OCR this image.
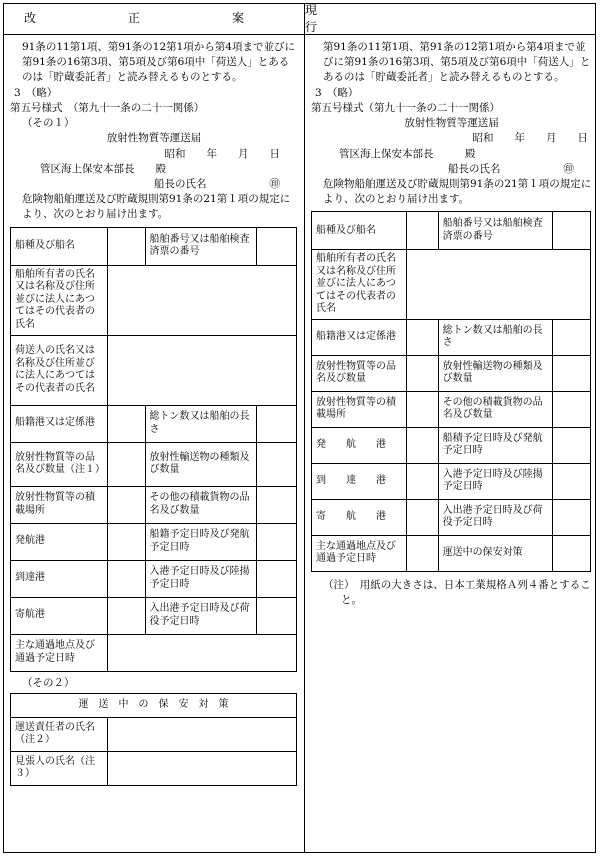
改　正　案
現　行

91条の11第1項、第91条の12第1項から第4項まで並びに第91条の16第3項、第5項及び第6項中「荷送人」とあるのは「貯蔵委託者」と読み替えるものとする。

3　（略）

第五号様式　（第九十一条の二十一関係）

（その１）

放射性物質等運送届

昭和　　年　　月　　日

管区海上保安本部長　　殿

船長の氏名　　　　　　㊞

危険物船舶運送及び貯蔵規則第91条の21第１項の規定により、次のとおり届け出ます。

船種及び船名		船舶番号又は船舶検査済票の番号	
船舶所有者の氏名又は名称及び住所並びに法人にあつてはその代表者の氏名			
荷送人の氏名又は名称及び住所並びに法人にあつてはその代表者の氏名			
船籍港又は定係港		総トン数又は船舶の長さ	
放射性物質等の品名及び数量（注１）		放射性輸送物の種類及び数量	
放射性物質等の積載場所		その他の積載貨物の品名及び数量	
発航港		船籍予定日時及び発航予定日時	
到達港		入港予定日時及び陸揚予定日時	
寄航港		入出港予定日時及び荷役予定日時	
主な通過地点及び通過予定日時			

（その２）

運　送　中　の　保　安　対　策	
運送責任者の氏名（注２）	
見張人の氏名（注３）	

第91条の11第1項、第91条の12第1項から第4項まで並びに第91条の16第3項、第5項及び第6項中「荷送人」とあるのは「貯蔵委託者」と読み替えるものとする。

3　（略）

第五号様式（第九十一条の二十一関係）

放射性物質等運送届

昭和　　年　　月　　日

管区海上保安本部長　　　殿

船長の氏名　　　　　　㊞

危険物船舶運送及び貯蔵規則第91条の21第１項の規定により、次のとおり届け出ます。

船種及び船名		船舶番号又は船舶検査済票の番号	
船舶所有者の氏名又は名称及び住所並びに法人にあつてはその代表者の氏名			
船籍港又は定係港		総トン数又は船舶の長さ	
放射性物質等の品名及び数量		放射性輸送物の種類及び数量	
放射性物質等の積載場所		その他の積載貨物の品名及び数量	
発　　航　　港		船積予定日時及び発航予定日時	
到　　達　　港		入港予定日時及び陸揚予定日時	
寄　　航　　港		入出港予定日時及び荷役予定日時	
主な通過地点及び通過予定日時		運送中の保安対策	

（注）　用紙の大きさは、日本工業規格Ａ列４番とすること。
